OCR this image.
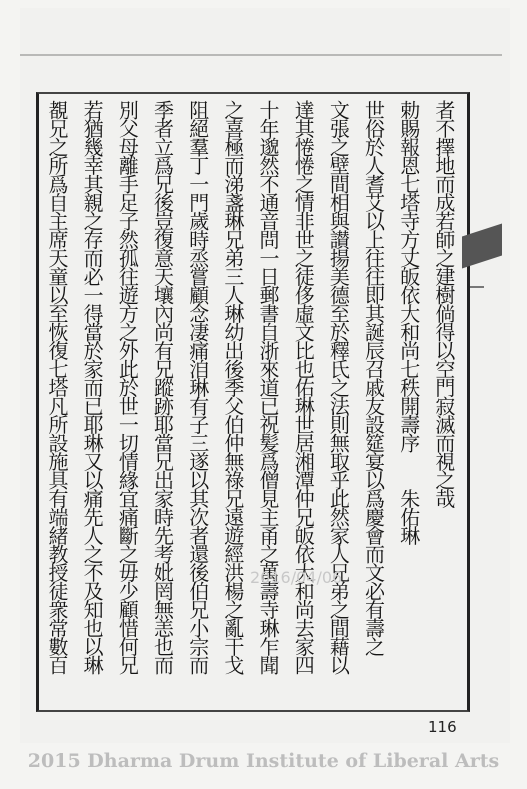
者不擇地而成若師之建樹倘得以空門寂滅而視之哉
勅賜報恩七塔寺方丈皈依大和尚七秩開壽序　　朱佑琳
世俗於人耆艾以上往往即其誕辰召戚友設筵宴以爲慶會而文必有壽之
文張之壁間相與讃揚美德至於釋氏之法則無取乎此然家人兄弟之間藉以
達其惓惓之情非世之徒侈虛文比也佑琳世居湘潭仲兄皈依大和尚去家四
十年邈然不通音問一日郵書自浙來道已祝髪爲僧見主甬之萬壽寺琳乍聞
之喜極而涕盞琳兄弟三人琳幼出後季父伯仲無祿兄遠遊經洪楊之亂干戈
阻絕羣丁一門歲時烝嘗顧念凄痛洎琳有子三遂以其次者還後伯兄小宗而
季者立爲兄後豈復意天壤內尚有兄蹤跡耶當兄出家時先考妣罔無恙也而
別父母離手足子然孤往遊方之外此於世一切情緣宜痛斷之毋少顧惜何兄
若猶幾幸其親之存而必一得當於家而已耶琳又以痛先人之不及知也以琳
覩兄之所爲自主席天童以至恢復七塔凡所設施具有端緒教授徒衆常數百	2016/04/06
116
2015 Dharma Drum Institute of Liberal Arts
